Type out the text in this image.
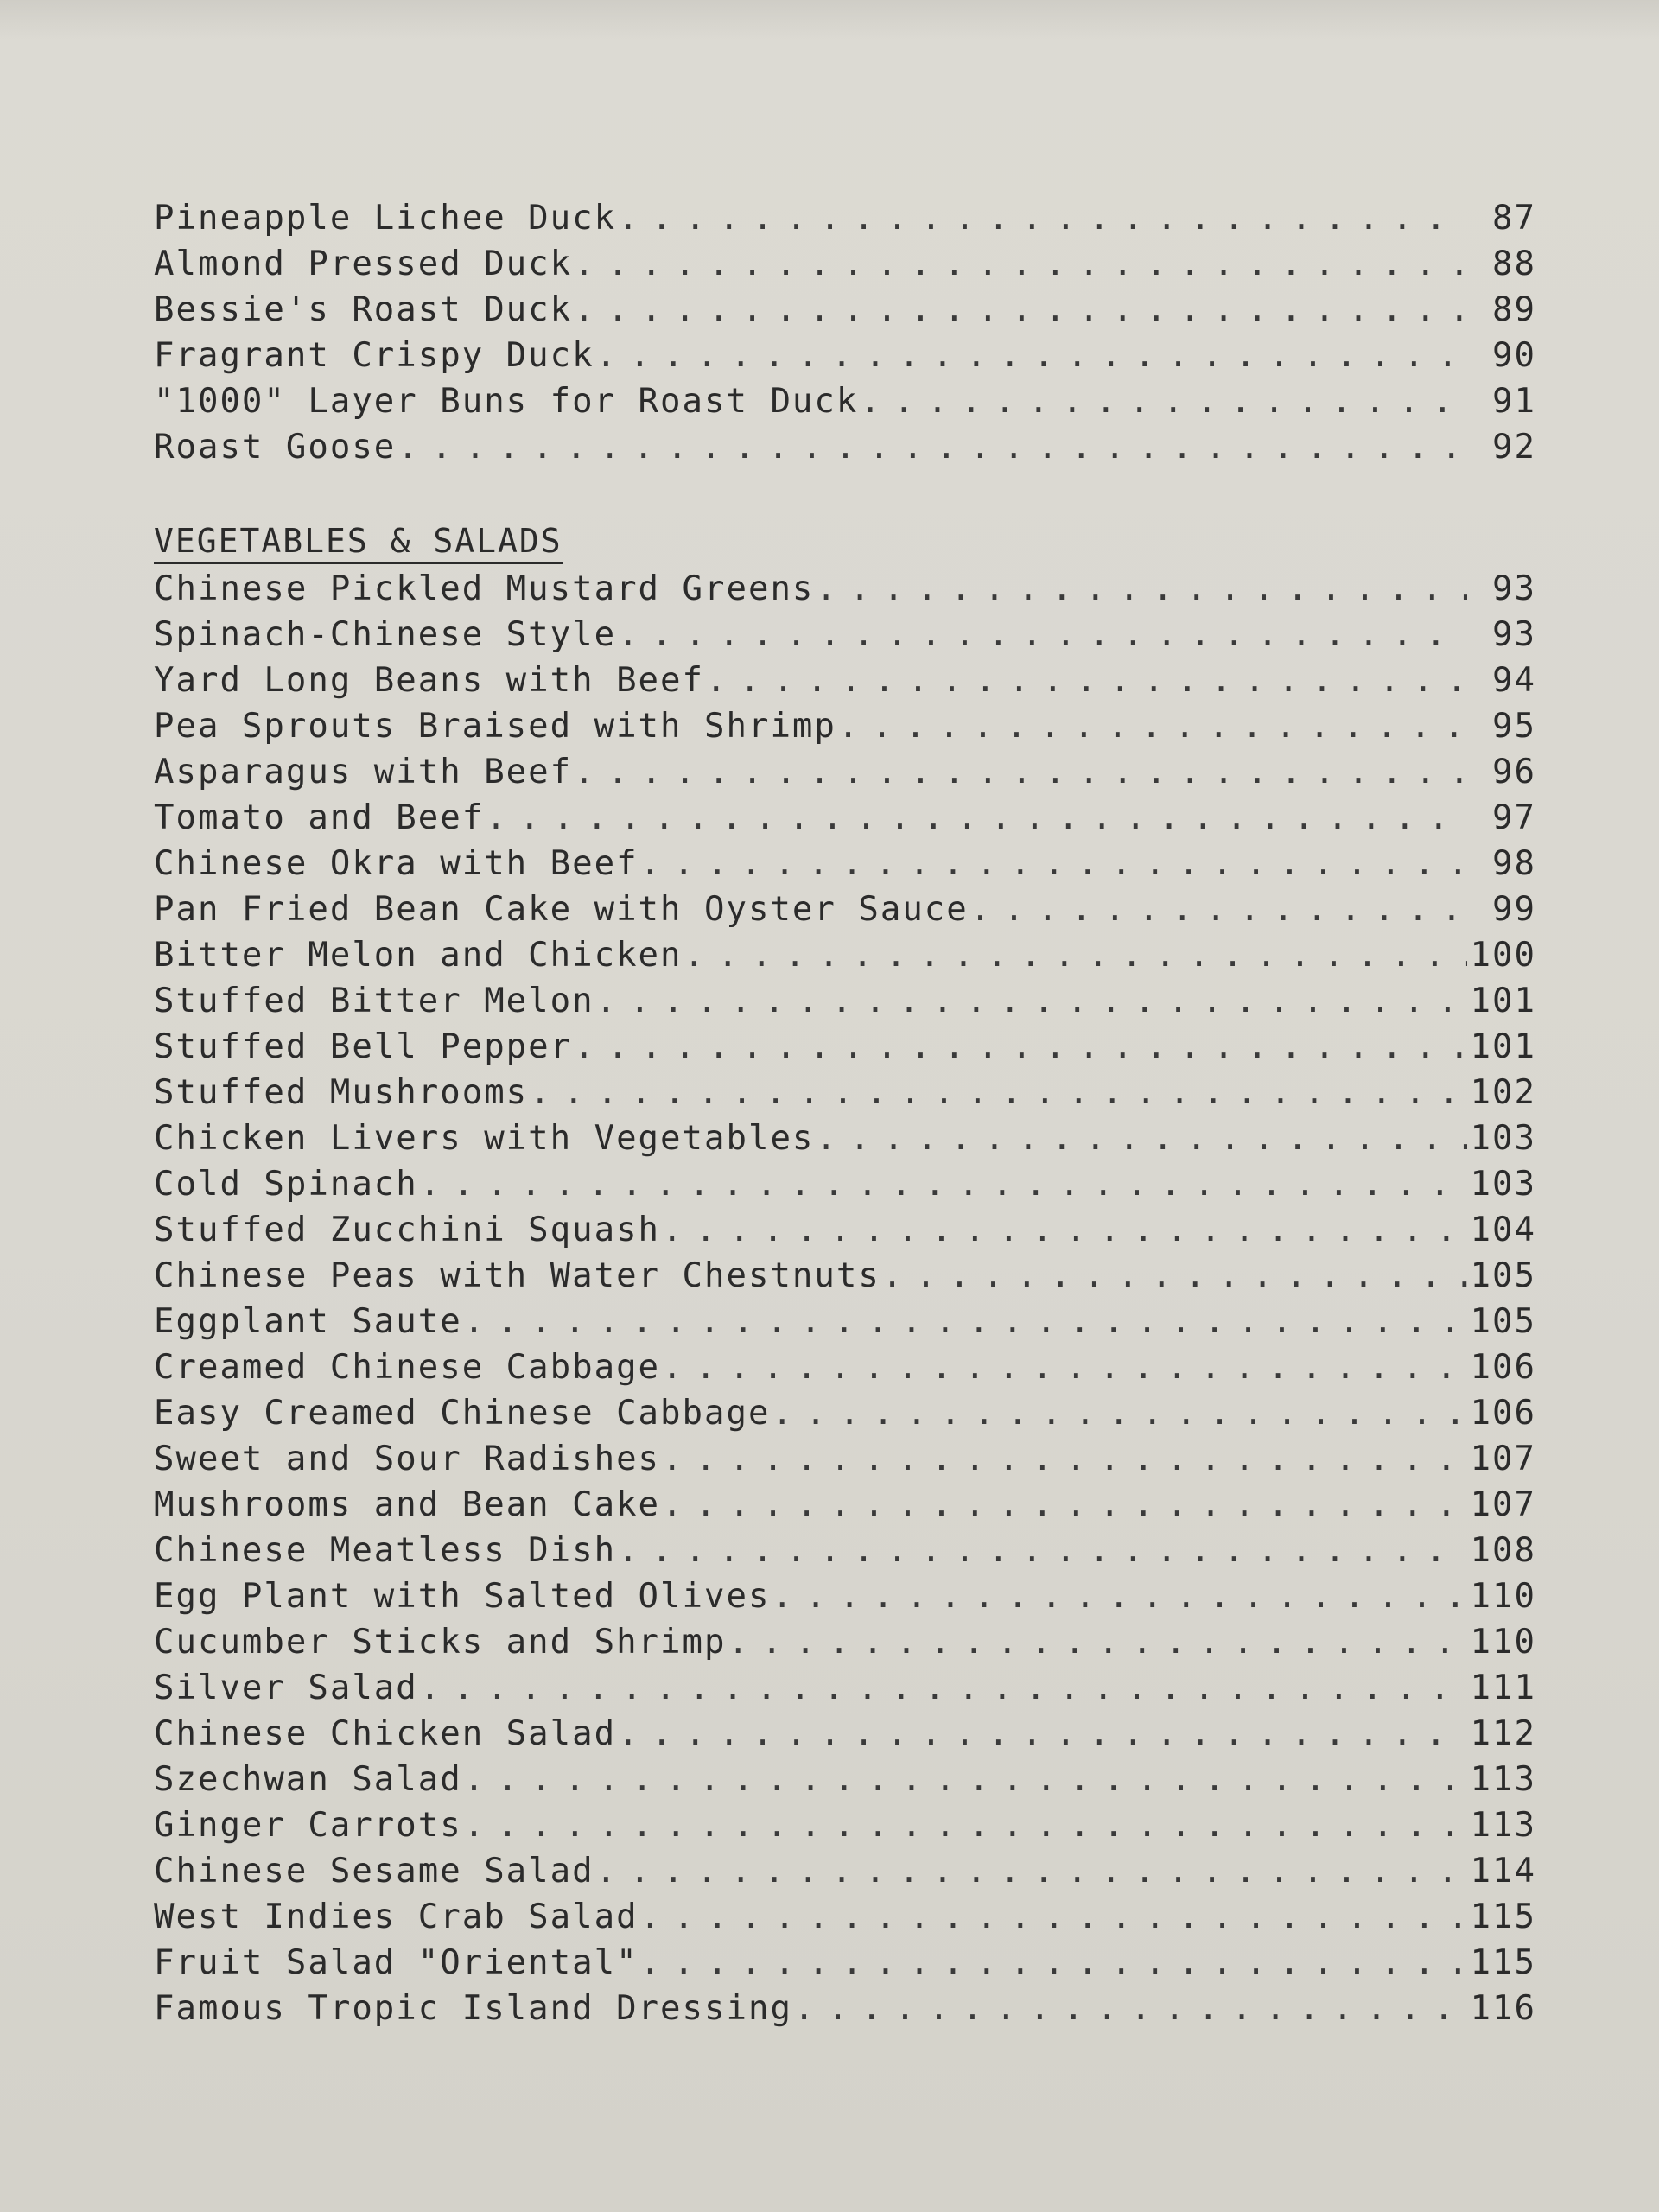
Pineapple Lichee Duck . . .	87
Almond Pressed Duck . . .	88
Bessie's Roast Duck . . .	89
Fragrant Crispy Duck . . .	90
"1000" Layer Buns for Roast Duck . . .	91
Roast Goose . . .	92
VEGETABLES & SALADS
Chinese Pickled Mustard Greens . . .	93
Spinach-Chinese Style . . .	93
Yard Long Beans with Beef . . .	94
Pea Sprouts Braised with Shrimp . . .	95
Asparagus with Beef . . .	96
Tomato and Beef . . .	97
Chinese Okra with Beef . . .	98
Pan Fried Bean Cake with Oyster Sauce . . .	99
Bitter Melon and Chicken . . .	100
Stuffed Bitter Melon . . .	101
Stuffed Bell Pepper . . .	101
Stuffed Mushrooms . . .	102
Chicken Livers with Vegetables . . .	103
Cold Spinach . . .	103
Stuffed Zucchini Squash . . .	104
Chinese Peas with Water Chestnuts . . .	105
Eggplant Saute . . .	105
Creamed Chinese Cabbage . . .	106
Easy Creamed Chinese Cabbage . . .	106
Sweet and Sour Radishes . . .	107
Mushrooms and Bean Cake . . .	107
Chinese Meatless Dish . . .	108
Egg Plant with Salted Olives . . .	110
Cucumber Sticks and Shrimp . . .	110
Silver Salad . . .	111
Chinese Chicken Salad . . .	112
Szechwan Salad . . .	113
Ginger Carrots . . .	113
Chinese Sesame Salad . . .	114
West Indies Crab Salad . . .	115
Fruit Salad "Oriental" . . .	115
Famous Tropic Island Dressing . . .	116
